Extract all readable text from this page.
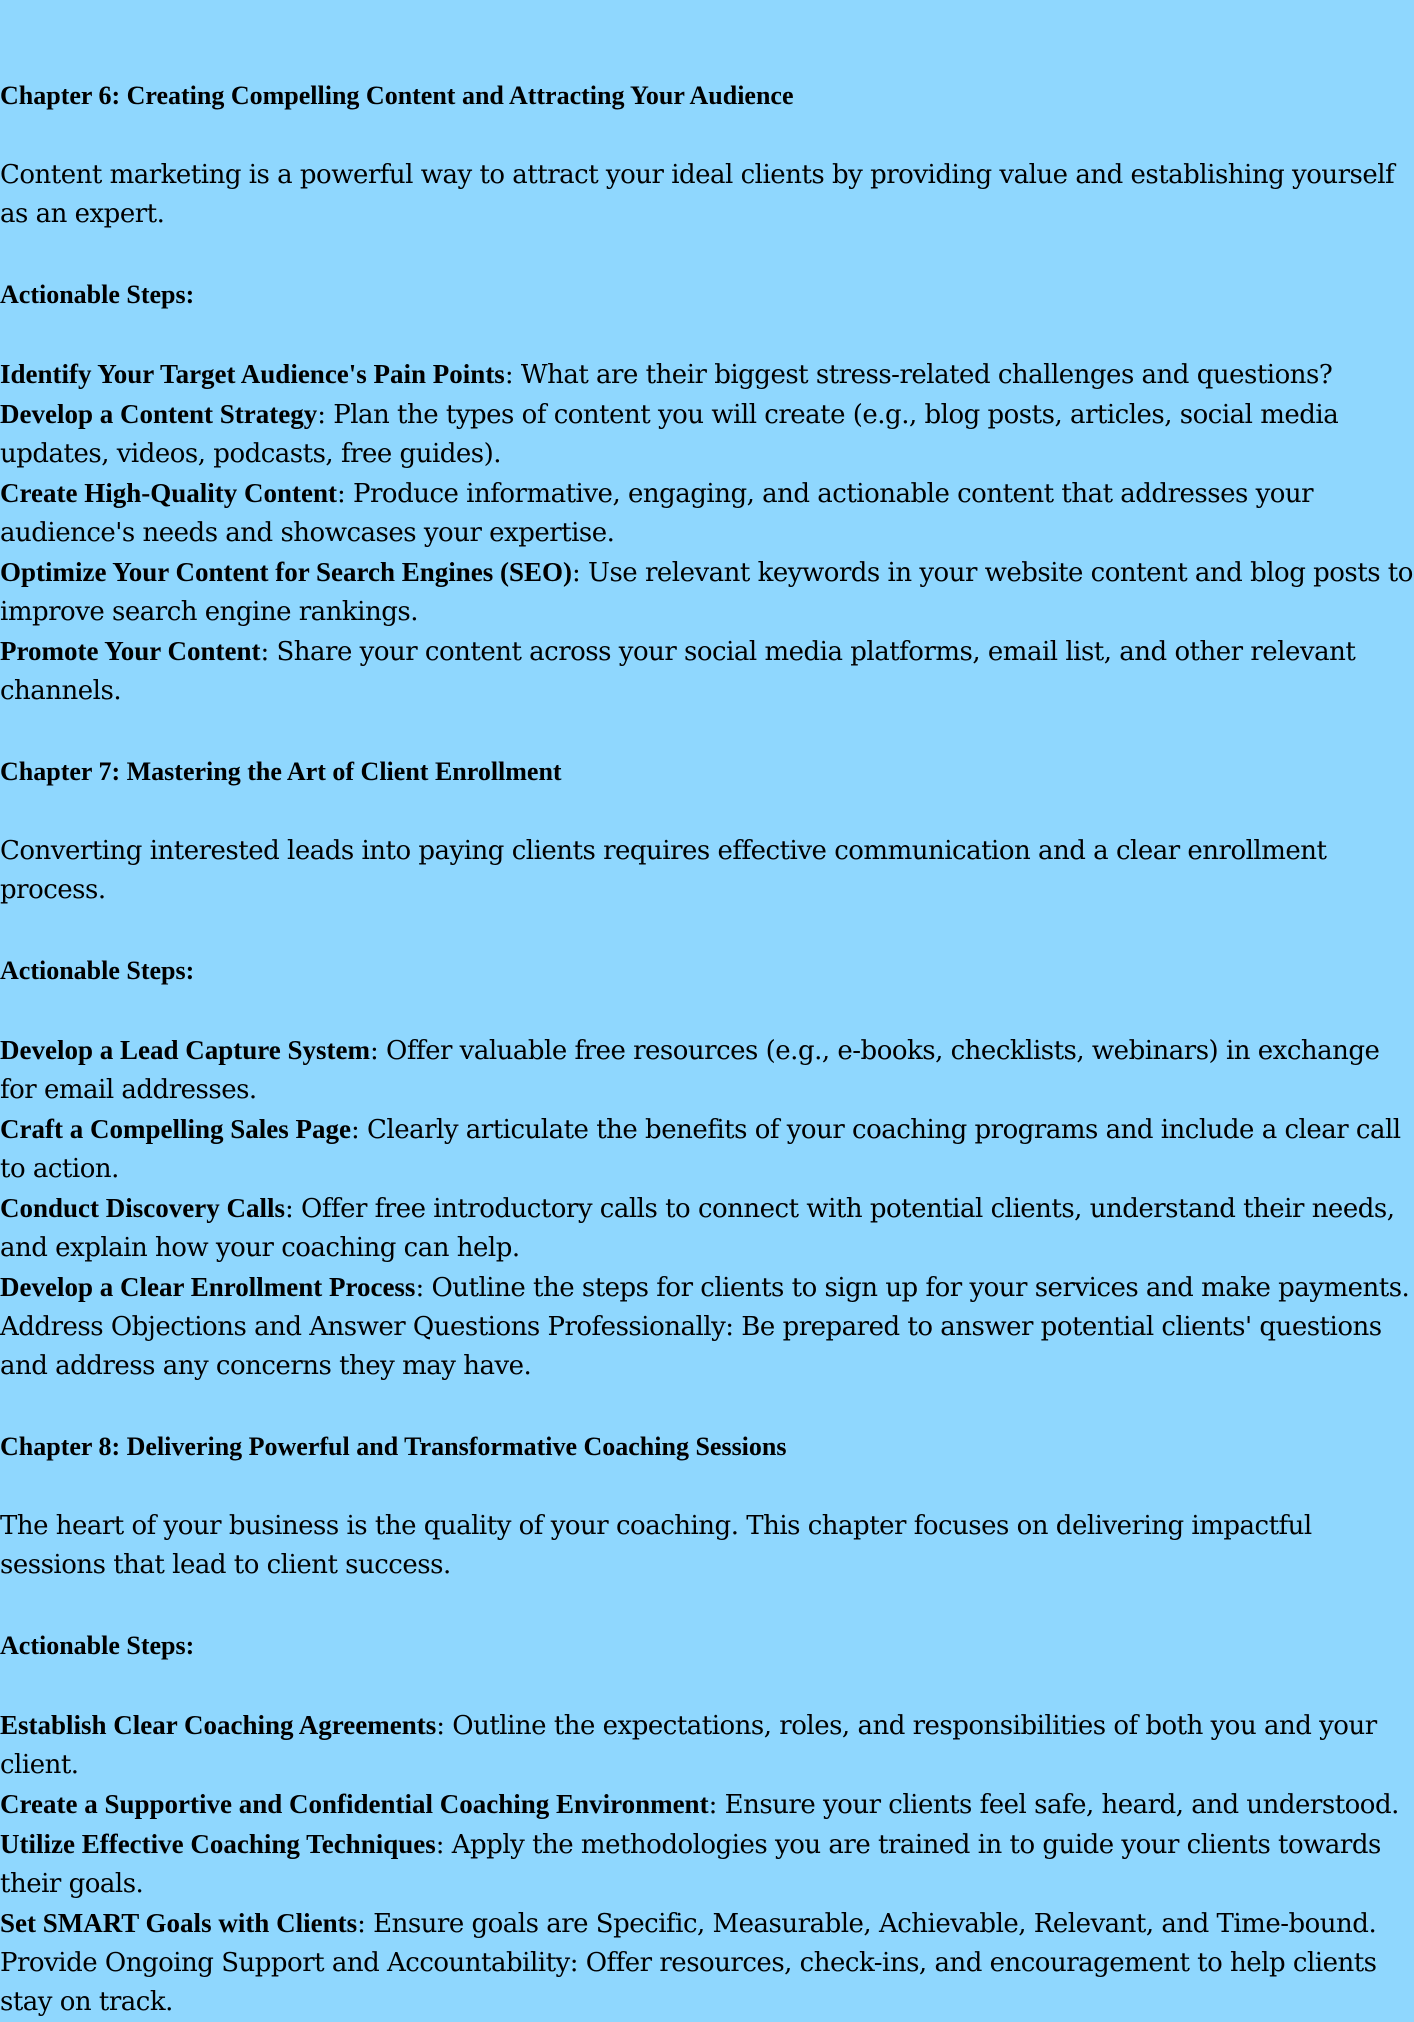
Chapter 6: Creating Compelling Content and Attracting Your Audience

Content marketing is a powerful way to attract your ideal clients by providing value and establishing yourself as an expert.

Actionable Steps:
Identify Your Target Audience's Pain Points: What are their biggest stress-related challenges and questions?
Develop a Content Strategy: Plan the types of content you will create (e.g., blog posts, articles, social media updates, videos, podcasts, free guides).
Create High-Quality Content: Produce informative, engaging, and actionable content that addresses your audience's needs and showcases your expertise.
Optimize Your Content for Search Engines (SEO): Use relevant keywords in your website content and blog posts to improve search engine rankings.
Promote Your Content: Share your content across your social media platforms, email list, and other relevant channels.
Chapter 7: Mastering the Art of Client Enrollment

Converting interested leads into paying clients requires effective communication and a clear enrollment process.

Actionable Steps:
Develop a Lead Capture System: Offer valuable free resources (e.g., e-books, checklists, webinars) in exchange for email addresses.
Craft a Compelling Sales Page: Clearly articulate the benefits of your coaching programs and include a clear call to action.
Conduct Discovery Calls: Offer free introductory calls to connect with potential clients, understand their needs, and explain how your coaching can help.
Develop a Clear Enrollment Process: Outline the steps for clients to sign up for your services and make payments.
Address Objections and Answer Questions Professionally: Be prepared to answer potential clients' questions and address any concerns they may have.
Chapter 8: Delivering Powerful and Transformative Coaching Sessions

The heart of your business is the quality of your coaching. This chapter focuses on delivering impactful sessions that lead to client success.

Actionable Steps:
Establish Clear Coaching Agreements: Outline the expectations, roles, and responsibilities of both you and your client.
Create a Supportive and Confidential Coaching Environment: Ensure your clients feel safe, heard, and understood.
Utilize Effective Coaching Techniques: Apply the methodologies you are trained in to guide your clients towards their goals.
Set SMART Goals with Clients: Ensure goals are Specific, Measurable, Achievable, Relevant, and Time-bound.
Provide Ongoing Support and Accountability: Offer resources, check-ins, and encouragement to help clients stay on track.
